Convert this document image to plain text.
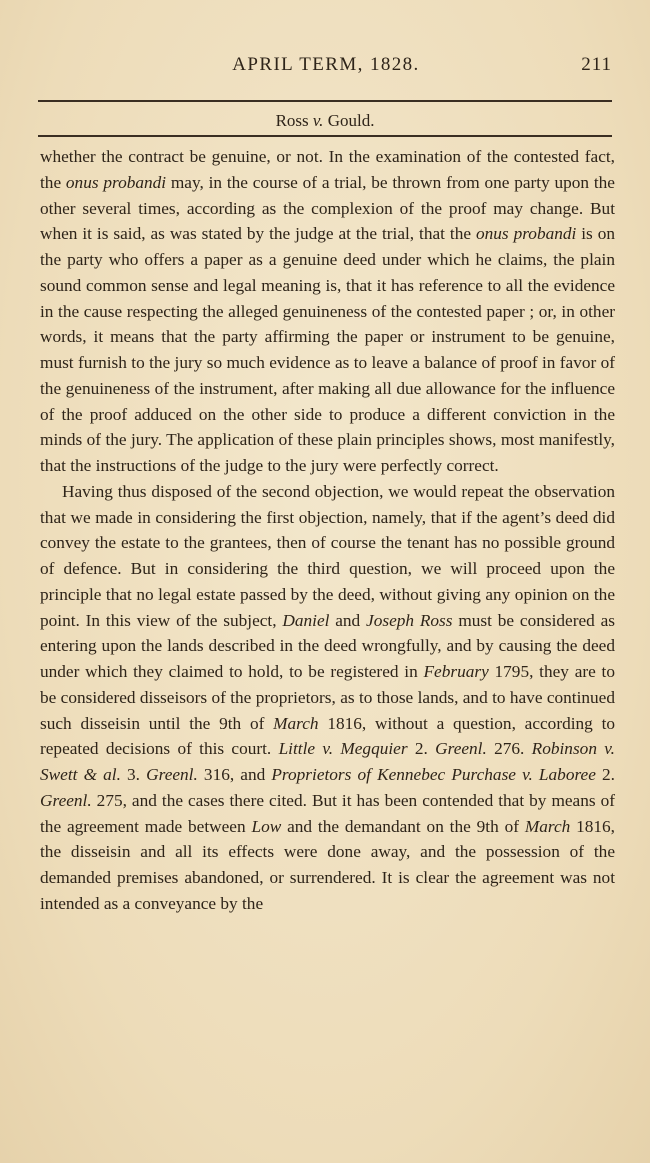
APRIL TERM, 1828.	211
Ross v. Gould.

whether the contract be genuine, or not. In the examination of the contested fact, the onus probandi may, in the course of a trial, be thrown from one party upon the other several times, according as the complexion of the proof may change. But when it is said, as was stated by the judge at the trial, that the onus probandi is on the party who offers a paper as a genuine deed under which he claims, the plain sound common sense and legal meaning is, that it has reference to all the evidence in the cause respecting the alleged genuineness of the contested paper ; or, in other words, it means that the party affirming the paper or instrument to be genuine, must furnish to the jury so much evidence as to leave a balance of proof in favor of the genuineness of the instrument, after making all due allowance for the influence of the proof adduced on the other side to produce a different conviction in the minds of the jury. The application of these plain principles shows, most manifestly, that the instructions of the judge to the jury were perfectly correct.

Having thus disposed of the second objection, we would repeat the observation that we made in considering the first objection, namely, that if the agent’s deed did convey the estate to the grantees, then of course the tenant has no possible ground of defence. But in considering the third question, we will proceed upon the principle that no legal estate passed by the deed, without giving any opinion on the point. In this view of the subject, Daniel and Joseph Ross must be considered as entering upon the lands described in the deed wrongfully, and by causing the deed under which they claimed to hold, to be registered in February 1795, they are to be considered disseisors of the proprietors, as to those lands, and to have continued such disseisin until the 9th of March 1816, without a question, according to repeated decisions of this court. Little v. Megquier 2. Greenl. 276. Robinson v. Swett & al. 3. Greenl. 316, and Proprietors of Kennebec Purchase v. Laboree 2. Greenl. 275, and the cases there cited. But it has been contended that by means of the agreement made between Low and the demandant on the 9th of March 1816, the disseisin and all its effects were done away, and the possession of the demanded premises abandoned, or surrendered. It is clear the agreement was not intended as a conveyance by the
